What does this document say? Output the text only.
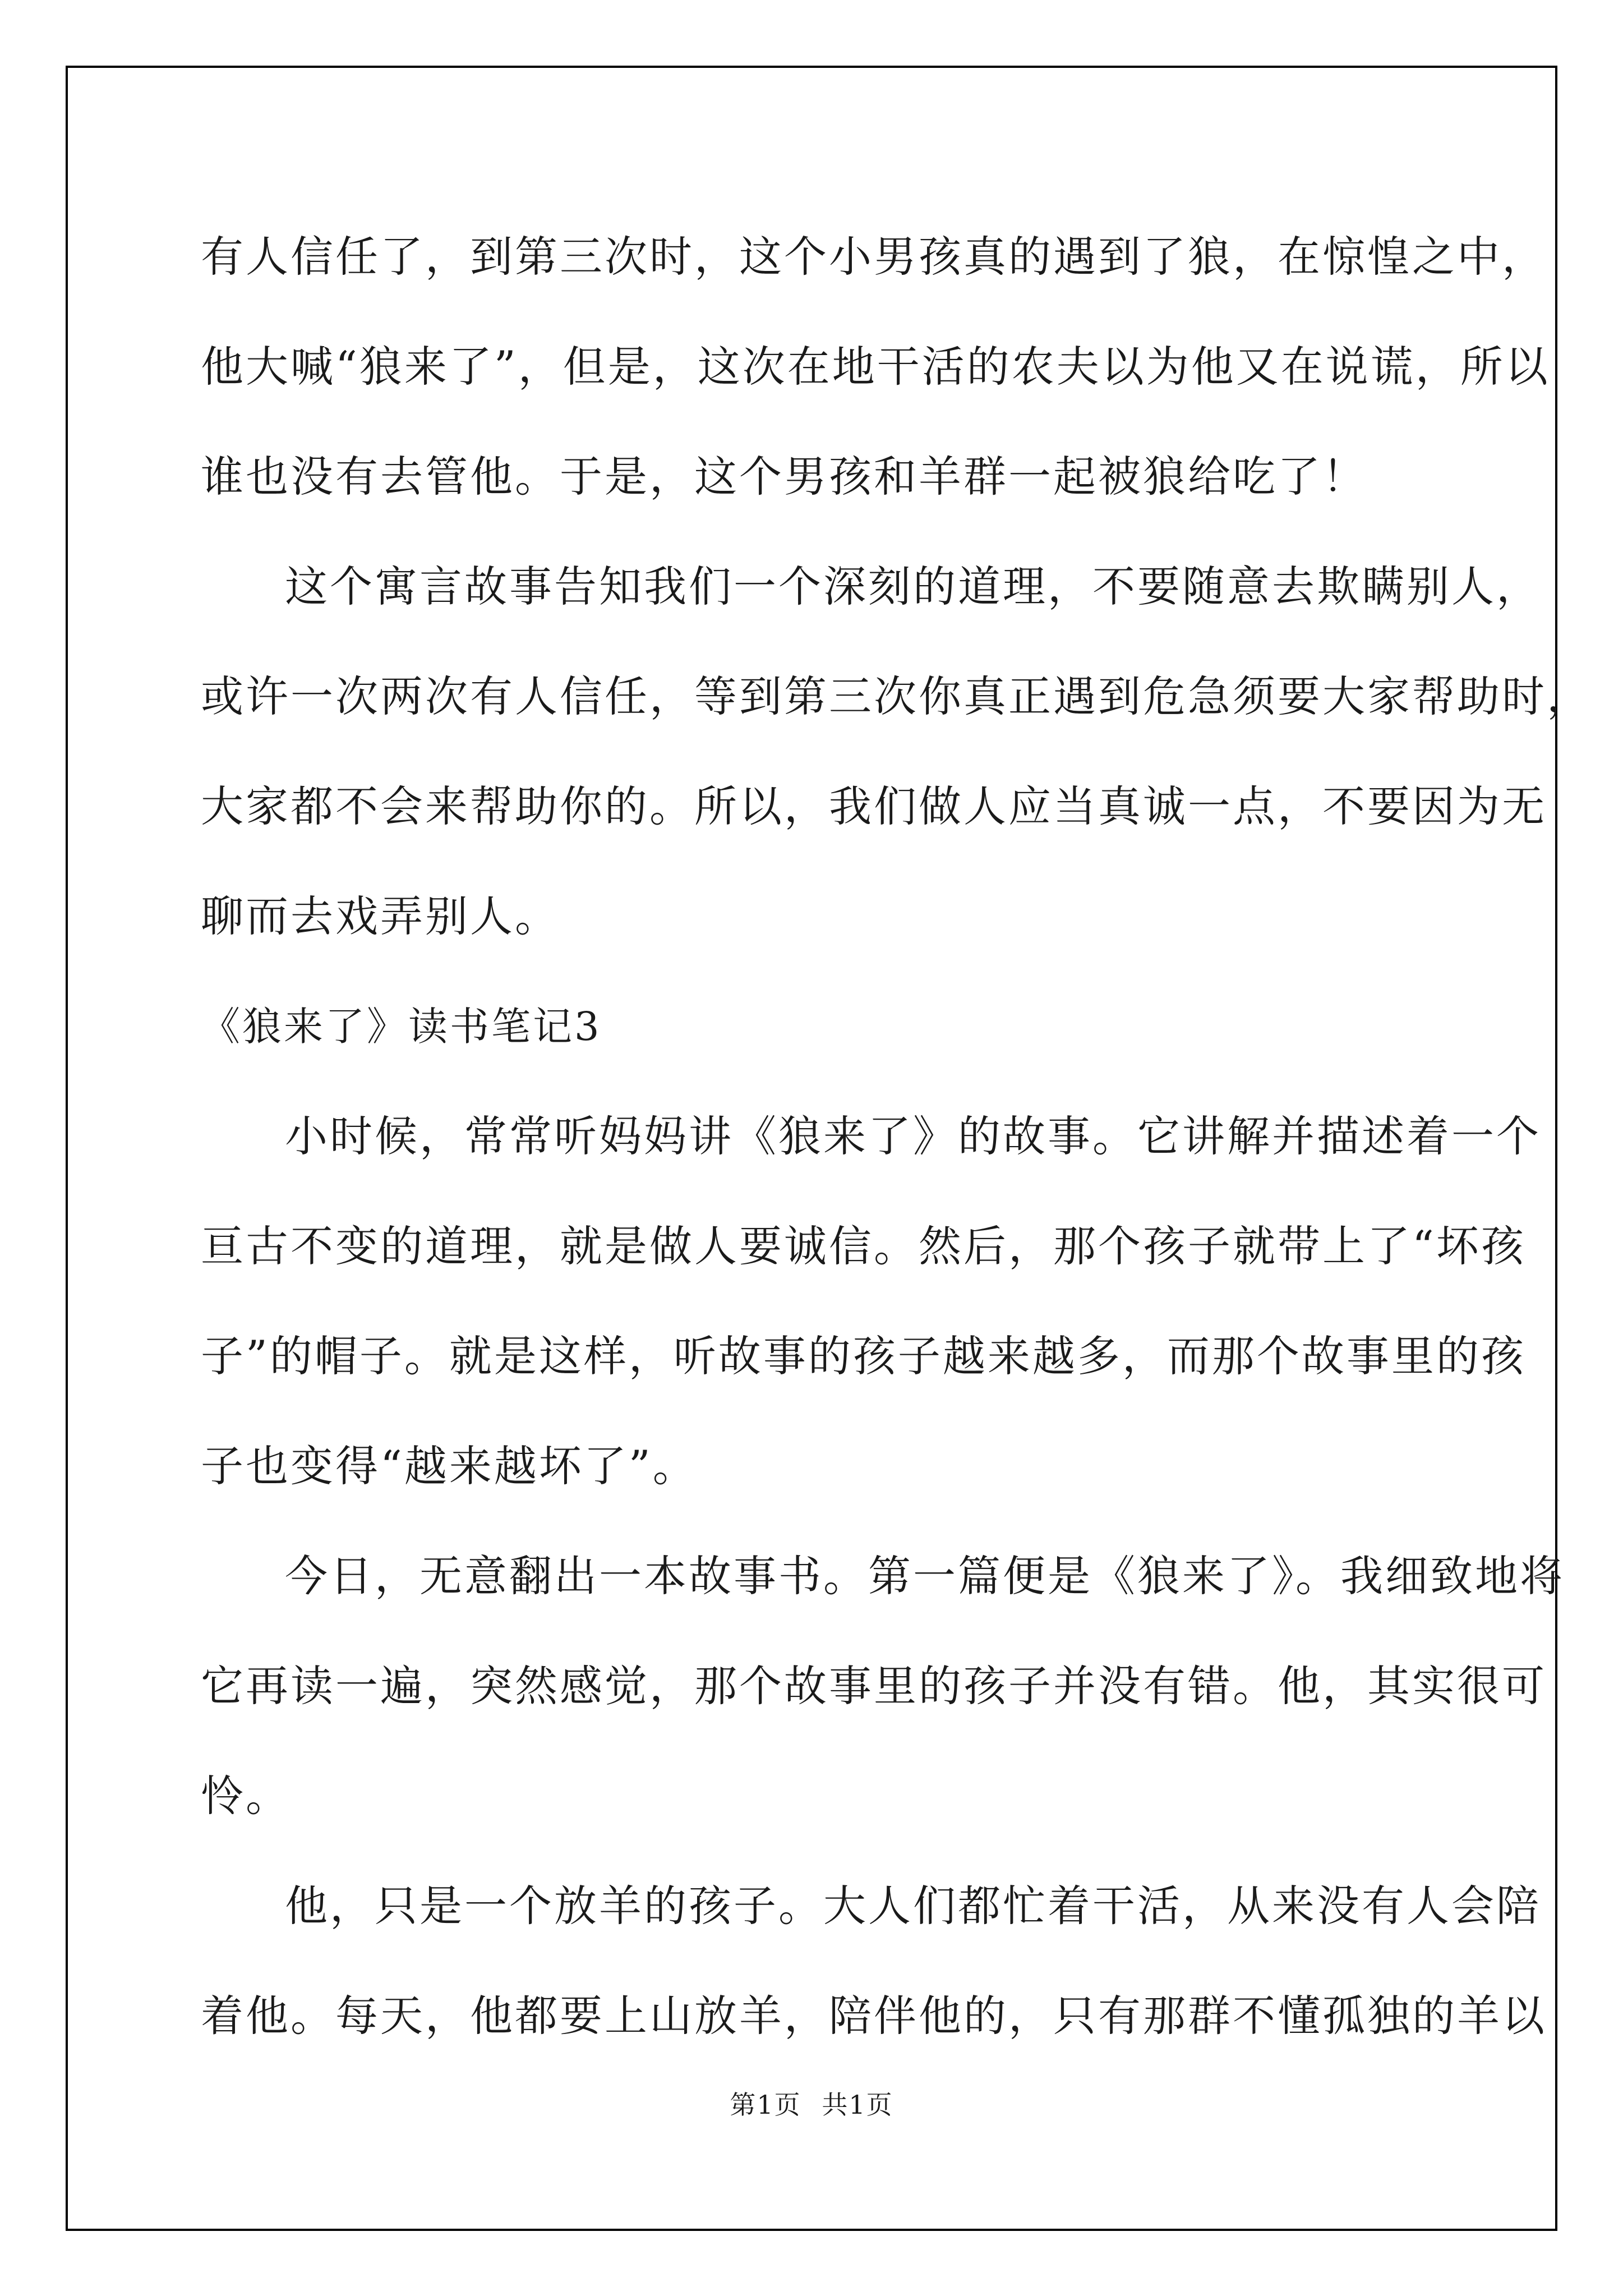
有人信任了，到第三次时，这个小男孩真的遇到了狼，在惊惶之中，
他大喊“狼来了”，但是，这次在地干活的农夫以为他又在说谎，所以
谁也没有去管他。于是，这个男孩和羊群一起被狼给吃了！
这个寓言故事告知我们一个深刻的道理，不要随意去欺瞒别人，
或许一次两次有人信任，等到第三次你真正遇到危急须要大家帮助时，
大家都不会来帮助你的。所以，我们做人应当真诚一点，不要因为无
聊而去戏弄别人。
《狼来了》读书笔记3
小时候，常常听妈妈讲《狼来了》的故事。它讲解并描述着一个
亘古不变的道理，就是做人要诚信。然后，那个孩子就带上了“坏孩
子”的帽子。就是这样，听故事的孩子越来越多，而那个故事里的孩
子也变得“越来越坏了”。
今日，无意翻出一本故事书。第一篇便是《狼来了》。我细致地将
它再读一遍，突然感觉，那个故事里的孩子并没有错。他，其实很可
怜。
他，只是一个放羊的孩子。大人们都忙着干活，从来没有人会陪
着他。每天，他都要上山放羊，陪伴他的，只有那群不懂孤独的羊以
第1页 共1页
